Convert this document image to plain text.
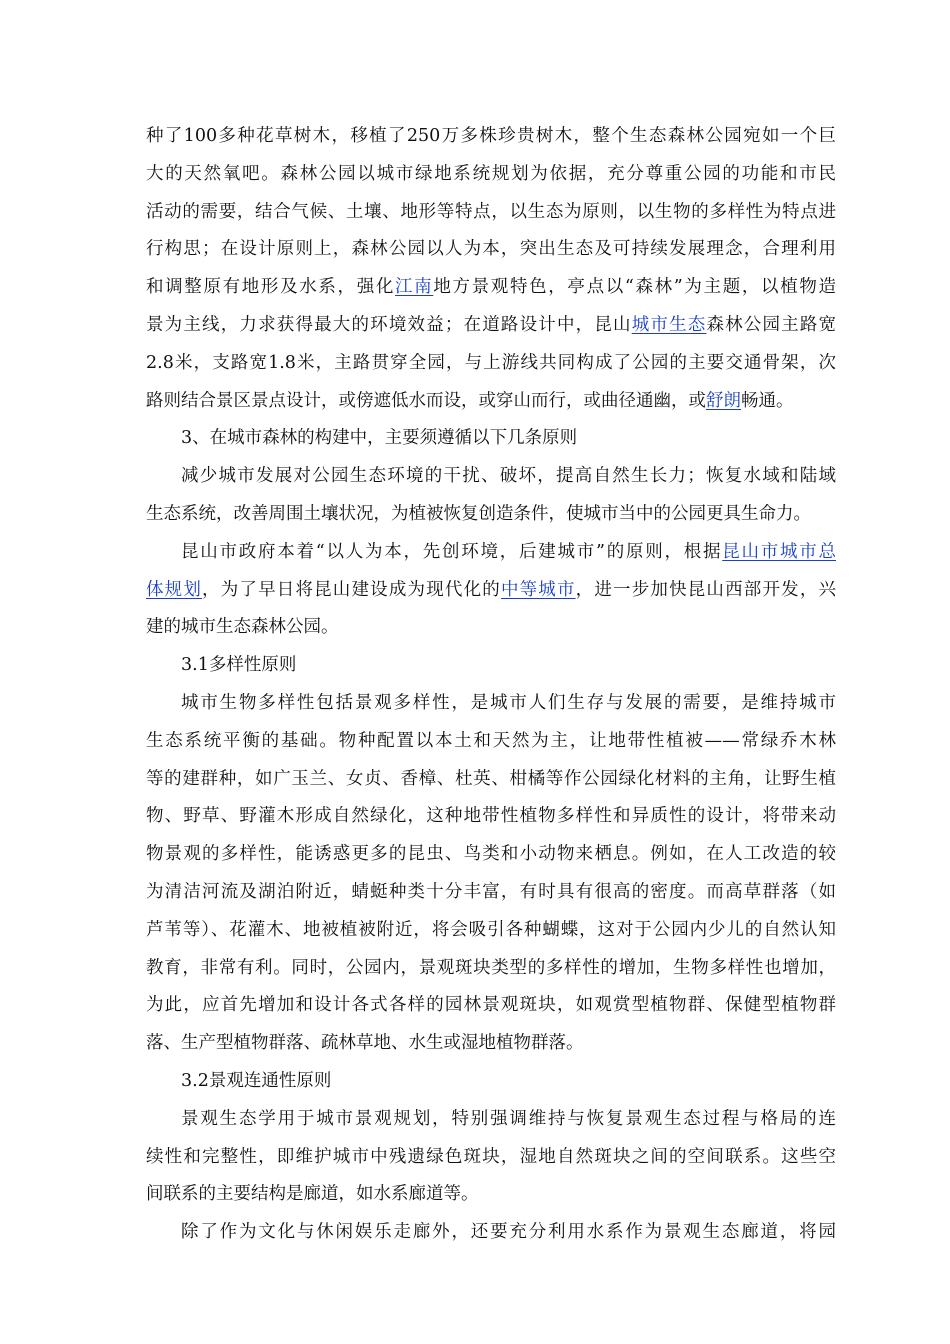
种了100多种花草树木，移植了250万多株珍贵树木，整个生态森林公园宛如一个巨
大的天然氧吧。森林公园以城市绿地系统规划为依据，充分尊重公园的功能和市民
活动的需要，结合气候、土壤、地形等特点，以生态为原则，以生物的多样性为特点进
行构思；在设计原则上，森林公园以人为本，突出生态及可持续发展理念，合理利用
和调整原有地形及水系，强化江南地方景观特色，亭点以“森林”为主题，以植物造
景为主线，力求获得最大的环境效益；在道路设计中，昆山城市生态森林公园主路宽
2.8米，支路宽1.8米，主路贯穿全园，与上游线共同构成了公园的主要交通骨架，次
路则结合景区景点设计，或傍遮低水而设，或穿山而行，或曲径通幽，或舒朗畅通。
3、在城市森林的构建中，主要须遵循以下几条原则
减少城市发展对公园生态环境的干扰、破坏，提高自然生长力；恢复水域和陆域
生态系统，改善周围土壤状况，为植被恢复创造条件，使城市当中的公园更具生命力。
昆山市政府本着“以人为本，先创环境，后建城市”的原则，根据昆山市城市总
体规划，为了早日将昆山建设成为现代化的中等城市，进一步加快昆山西部开发，兴
建的城市生态森林公园。
3.1多样性原则
城市生物多样性包括景观多样性，是城市人们生存与发展的需要，是维持城市
生态系统平衡的基础。物种配置以本土和天然为主，让地带性植被——常绿乔木林
等的建群种，如广玉兰、女贞、香樟、杜英、柑橘等作公园绿化材料的主角，让野生植
物、野草、野灌木形成自然绿化，这种地带性植物多样性和异质性的设计，将带来动
物景观的多样性，能诱惑更多的昆虫、鸟类和小动物来栖息。例如，在人工改造的较
为清洁河流及湖泊附近，蜻蜓种类十分丰富，有时具有很高的密度。而高草群落（如
芦苇等）、花灌木、地被植被附近，将会吸引各种蝴蝶，这对于公园内少儿的自然认知
教育，非常有利。同时，公园内，景观斑块类型的多样性的增加，生物多样性也增加，
为此，应首先增加和设计各式各样的园林景观斑块，如观赏型植物群、保健型植物群
落、生产型植物群落、疏林草地、水生或湿地植物群落。
3.2景观连通性原则
景观生态学用于城市景观规划，特别强调维持与恢复景观生态过程与格局的连
续性和完整性，即维护城市中残遗绿色斑块，湿地自然斑块之间的空间联系。这些空
间联系的主要结构是廊道，如水系廊道等。
除了作为文化与休闲娱乐走廊外，还要充分利用水系作为景观生态廊道，将园
